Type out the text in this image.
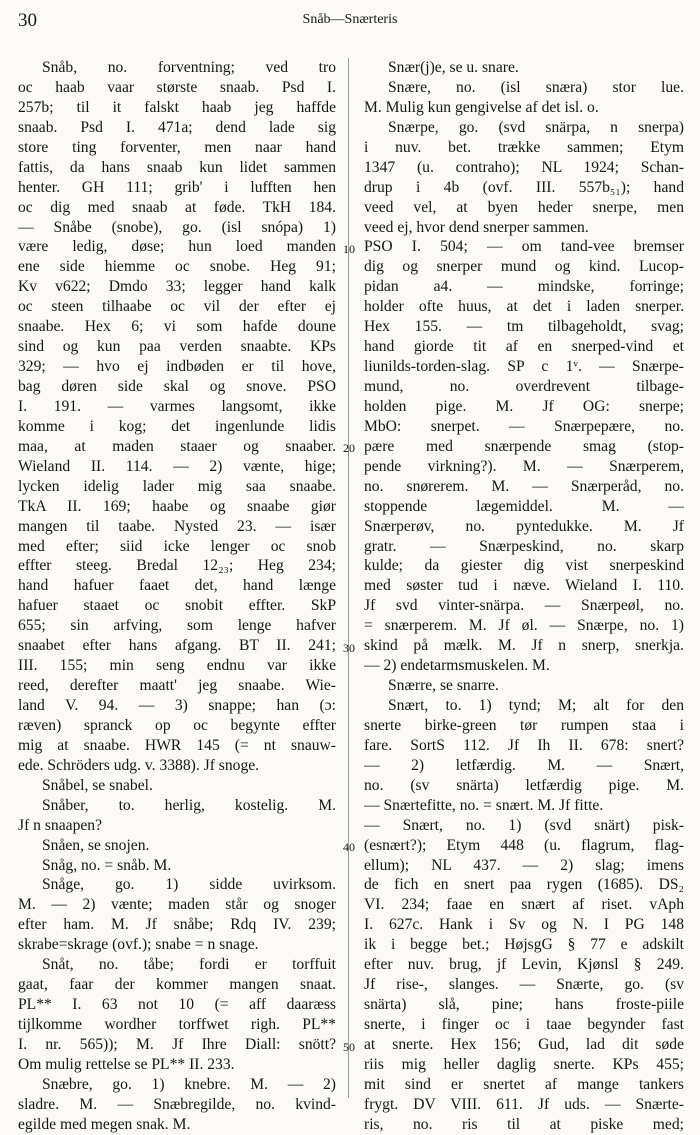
30	Snåb—Snærteris
Snåb, no. forventning; ved tro
oc haab vaar største snaab. Psd I.
257b; til it falskt haab jeg haffde
snaab. Psd I. 471a; dend lade sig
store ting forventer, men naar hand
fattis, da hans snaab kun lidet sammen
henter. GH 111; grib' i lufften hen
oc dig med snaab at føde. TkH 184.
— Snåbe (snobe), go. (isl snópa) 1)
være ledig, døse; hun loed manden
ene side hiemme oc snobe. Heg 91;
Kv v622; Dmdo 33; legger hand kalk
oc steen tilhaabe oc vil der efter ej
snaabe. Hex 6; vi som hafde doune
sind og kun paa verden snaabte. KPs
329; — hvo ej indbøden er til hove,
bag døren side skal og snove. PSO
I. 191. — varmes langsomt, ikke
komme i kog; det ingenlunde lidis
maa, at maden staaer og snaaber.
Wieland II. 114. — 2) vænte, hige;
lycken idelig lader mig saa snaabe.
TkA II. 169; haabe og snaabe giør
mangen til taabe. Nysted 23. — især
med efter; siid icke lenger oc snob
effter steeg. Bredal 12₂₃; Heg 234;
hand hafuer faaet det, hand længe
hafuer staaet oc snobit effter. SkP
655; sin arfving, som lenge hafver
snaabet efter hans afgang. BT II. 241;
III. 155; min seng endnu var ikke
reed, derefter maatt' jeg snaabe. Wie-
land V. 94. — 3) snappe; han (ɔ:
ræven) spranck op oc begynte effter
mig at snaabe. HWR 145 (= nt snauw-
ede. Schröders udg. v. 3388). Jf snoge.
Snåbel, se snabel.
Snåber, to. herlig, kostelig. M.
Jf n snaapen?
Snåen, se snojen.
Snåg, no. = snåb. M.
Snåge, go. 1) sidde uvirksom.
M. — 2) vænte; maden står og snoger
efter ham. M. Jf snåbe; Rdq IV. 239;
skrabe=skrage (ovf.); snabe = n snage.
Snåt, no. tåbe; fordi er torffuit
gaat, faar der kommer mangen snaat.
PL** I. 63 not 10 (= aff daaræss
tijlkomme wordher torffwet righ. PL**
I. nr. 565)); M. Jf Ihre Diall: snött?
Om mulig rettelse se PL** II. 233.
Snæbre, go. 1) knebre. M. — 2)
sladre. M. — Snæbregilde, no. kvind-
egilde med megen snak. M.
10
20
30
40
50
Snær(j)e, se u. snare.
Snære, no. (isl snæra) stor lue.
M. Mulig kun gengivelse af det isl. o.
Snærpe, go. (svd snärpa, n snerpa)
i nuv. bet. trække sammen; Etym
1347 (u. contraho); NL 1924; Schan-
drup i 4b (ovf. III. 557b₅₁); hand
veed vel, at byen heder snerpe, men
veed ej, hvor dend snerper sammen.
PSO I. 504; — om tand-vee bremser
dig og snerper mund og kind. Lucop-
pidan a4. — mindske, forringe;
holder ofte huus, at det i laden snerper.
Hex 155. — tm tilbageholdt, svag;
hand giorde tit af en snerped-vind et
liunilds-torden-slag. SP c 1ᵛ. — Snærpe-
mund, no. overdrevent tilbage-
holden pige. M. Jf OG: snerpe;
MbO: snerpet. — Snærpepære, no.
pære med snærpende smag (stop-
pende virkning?). M. — Snærperem,
no. snørerem. M. — Snærperåd, no.
stoppende lægemiddel. M. —
Snærperøv, no. pyntedukke. M. Jf
gratr. — Snærpeskind, no. skarp
kulde; da giester dig vist snerpeskind
med søster tud i næve. Wieland I. 110.
Jf svd vinter-snärpa. — Snærpeøl, no.
= snærperem. M. Jf øl. — Snærpe, no. 1)
skind på mælk. M. Jf n snerp, snerkja.
— 2) endetarmsmuskelen. M.
Snærre, se snarre.
Snært, to. 1) tynd; M; alt for den
snerte birke-green tør rumpen staa i
fare. SortS 112. Jf Ih II. 678: snert?
— 2) letfærdig. M. — Snært,
no. (sv snärta) letfærdig pige. M.
— Snærtefitte, no. = snært. M. Jf fitte.
— Snært, no. 1) (svd snärt) pisk-
(esnært?); Etym 448 (u. flagrum, flag-
ellum); NL 437. — 2) slag; imens
de fich en snert paa rygen (1685). DS₂
VI. 234; faae en snært af riset. vAph
I. 627c. Hank i Sv og N. I PG 148
ik i begge bet.; HøjsgG § 77 e adskilt
efter nuv. brug, jf Levin, Kjønsl § 249.
Jf rise-, slanges. — Snærte, go. (sv
snärta) slå, pine; hans froste-piile
snerte, i finger oc i taae begynder fast
at snerte. Hex 156; Gud, lad dit søde
riis mig heller daglig snerte. KPs 455;
mit sind er snertet af mange tankers
frygt. DV VIII. 611. Jf uds. — Snærte-
ris, no. ris til at piske med;
